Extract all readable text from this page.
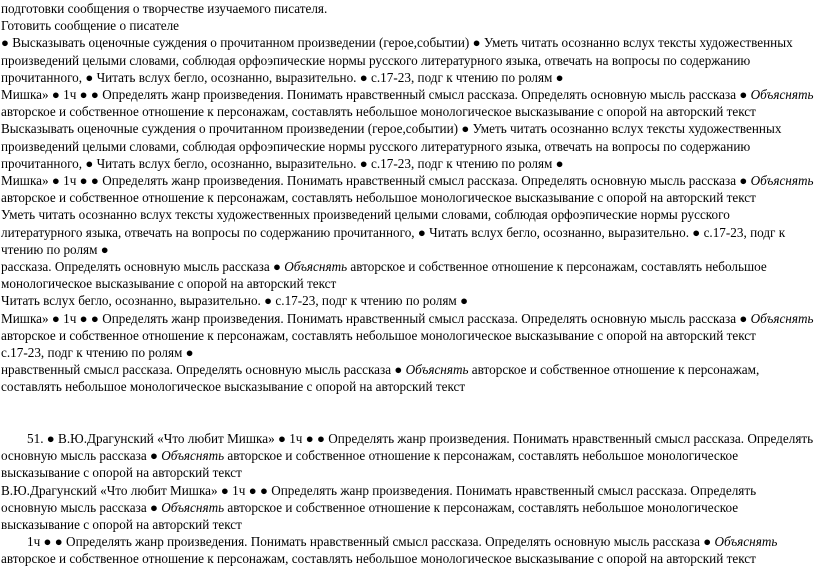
подготовки сообщения о творчестве изучаемого писателя.
Готовить сообщение о писателе
● Высказывать оценочные суждения о прочитанном произведении (герое,событии) ● Уметь читать осознанно вслух тексты художественных
произведений целыми словами, соблюдая орфоэпические нормы русского литературного языка, отвечать на вопросы по содержанию
прочитанного, ● Читать вслух бегло, осознанно, выразительно. ● с.17-23, подг к чтению по ролям ●
Мишка» ● 1ч ● ● Определять жанр произведения. Понимать нравственный смысл рассказа. Определять основную мысль рассказа ● Объяснять
авторское и собственное отношение к персонажам, составлять небольшое монологическое высказывание с опорой на авторский текст
Высказывать оценочные суждения о прочитанном произведении (герое,событии) ● Уметь читать осознанно вслух тексты художественных
произведений целыми словами, соблюдая орфоэпические нормы русского литературного языка, отвечать на вопросы по содержанию
прочитанного, ● Читать вслух бегло, осознанно, выразительно. ● с.17-23, подг к чтению по ролям ●
Мишка» ● 1ч ● ● Определять жанр произведения. Понимать нравственный смысл рассказа. Определять основную мысль рассказа ● Объяснять
авторское и собственное отношение к персонажам, составлять небольшое монологическое высказывание с опорой на авторский текст
Уметь читать осознанно вслух тексты художественных произведений целыми словами, соблюдая орфоэпические нормы русского
литературного языка, отвечать на вопросы по содержанию прочитанного, ● Читать вслух бегло, осознанно, выразительно. ● с.17-23, подг к
чтению по ролям ●
рассказа. Определять основную мысль рассказа ● Объяснять авторское и собственное отношение к персонажам, составлять небольшое
монологическое высказывание с опорой на авторский текст
Читать вслух бегло, осознанно, выразительно. ● с.17-23, подг к чтению по ролям ●
Мишка» ● 1ч ● ● Определять жанр произведения. Понимать нравственный смысл рассказа. Определять основную мысль рассказа ● Объяснять
авторское и собственное отношение к персонажам, составлять небольшое монологическое высказывание с опорой на авторский текст
с.17-23, подг к чтению по ролям ●
нравственный смысл рассказа. Определять основную мысль рассказа ● Объяснять авторское и собственное отношение к персонажам,
составлять небольшое монологическое высказывание с опорой на авторский текст
51. ● В.Ю.Драгунский «Что любит Мишка» ● 1ч ● ● Определять жанр произведения. Понимать нравственный смысл рассказа. Определять
основную мысль рассказа ● Объяснять авторское и собственное отношение к персонажам, составлять небольшое монологическое
высказывание с опорой на авторский текст
В.Ю.Драгунский «Что любит Мишка» ● 1ч ● ● Определять жанр произведения. Понимать нравственный смысл рассказа. Определять
основную мысль рассказа ● Объяснять авторское и собственное отношение к персонажам, составлять небольшое монологическое
высказывание с опорой на авторский текст
1ч ● ● Определять жанр произведения. Понимать нравственный смысл рассказа. Определять основную мысль рассказа ● Объяснять
авторское и собственное отношение к персонажам, составлять небольшое монологическое высказывание с опорой на авторский текст
